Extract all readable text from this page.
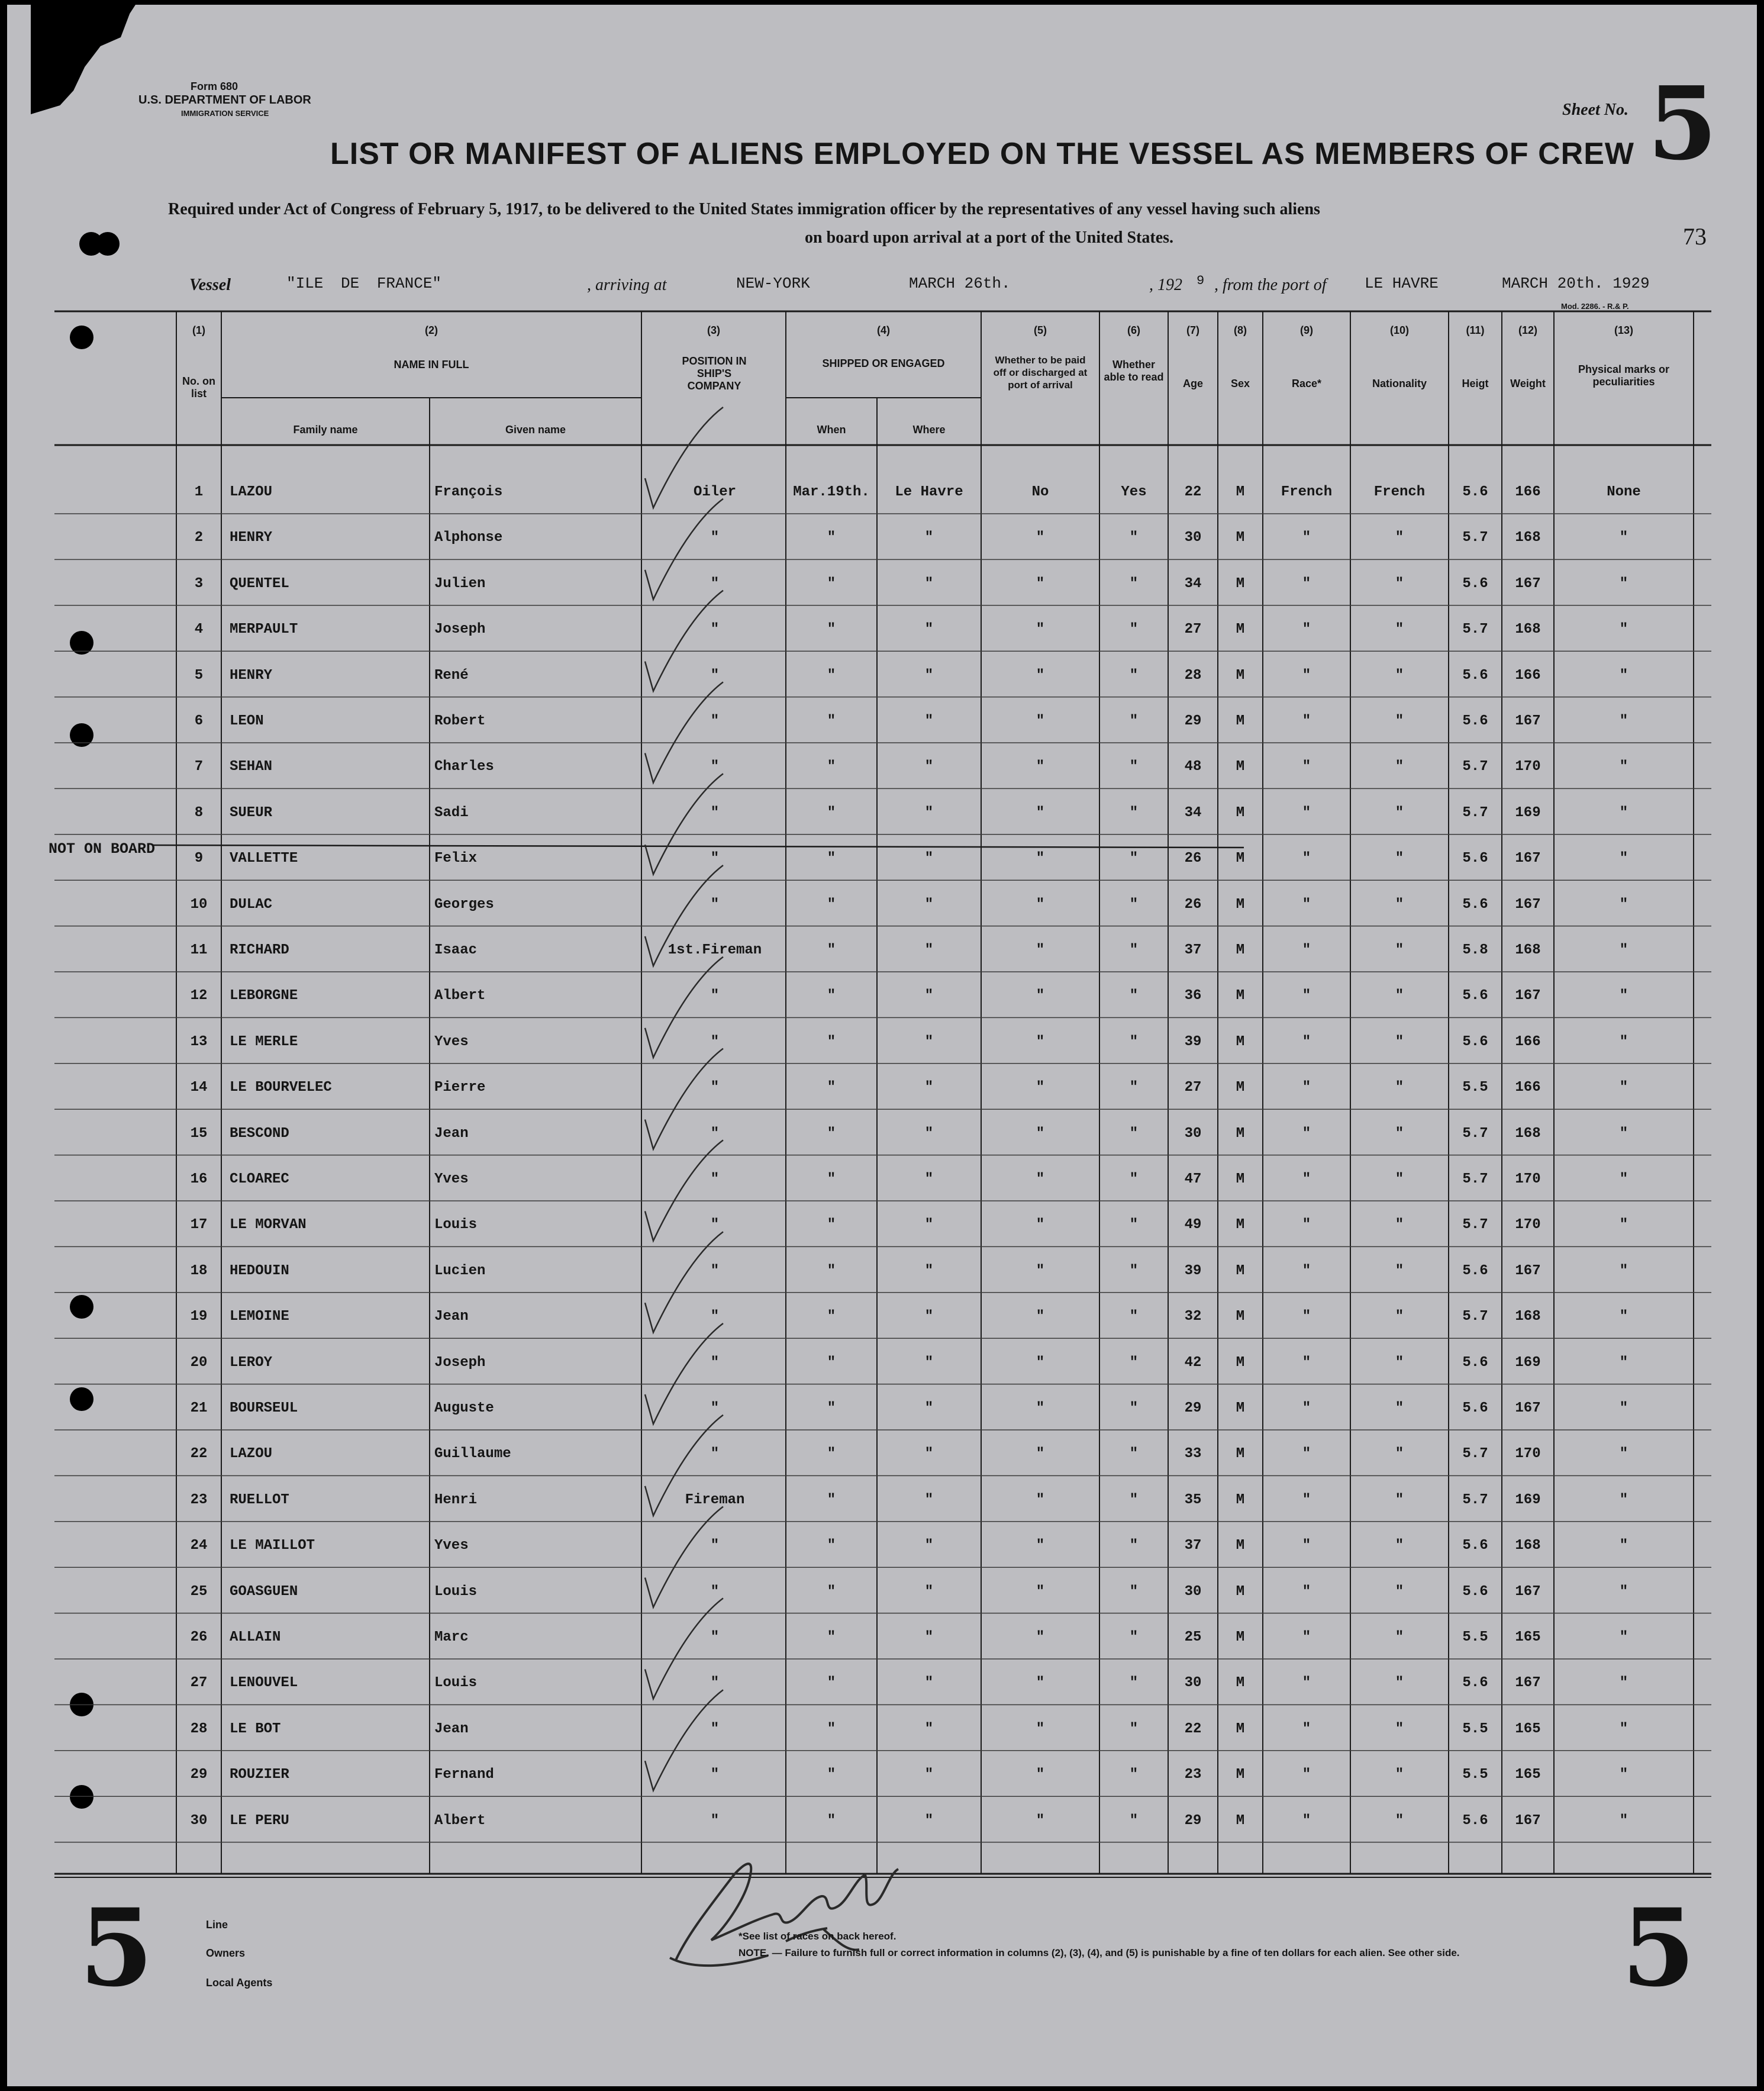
Form 680
U.S. DEPARTMENT OF LABOR
IMMIGRATION SERVICE	Sheet No. 5
LIST OR MANIFEST OF ALIENS EMPLOYED ON THE VESSEL AS MEMBERS OF CREW
Required under Act of Congress of February 5, 1917, to be delivered to the United States immigration officer by the representatives of any vessel having such aliens
on board upon arrival at a port of the United States.	73
Vessel	"ILE DE FRANCE"	, arriving at	NEW-YORK	MARCH 26th.	, 192 9 , from the port of LE HAVRE	MARCH 20th. 1929
Mod. 2286. - R.& P.
(1)
No. on list
(2)
NAME IN FULL
Family name	Given name
(3)
POSITION IN SHIP'S COMPANY
(4)
SHIPPED OR ENGAGED
When	Where
(5)
Whether to be paid off or discharged at port of arrival
(6)
Whether able to read
(7)
Age
(8)
Sex
(9)
Race*
(10)
Nationality
(11)
Heigt
(12)
Weight
(13)
Physical marks or peculiarities
NOT ON BOARD
1	LAZOU	François	Oiler	Mar.19th.	Le Havre	No	Yes	22	M	French	French	5.6	166	None
2	HENRY	Alphonse	"	"	"	"	"	30	M	"	"	5.7	168	"
3	QUENTEL	Julien	"	"	"	"	"	34	M	"	"	5.6	167	"
4	MERPAULT	Joseph	"	"	"	"	"	27	M	"	"	5.7	168	"
5	HENRY	René	"	"	"	"	"	28	M	"	"	5.6	166	"
6	LEON	Robert	"	"	"	"	"	29	M	"	"	5.6	167	"
7	SEHAN	Charles	"	"	"	"	"	48	M	"	"	5.7	170	"
8	SUEUR	Sadi	"	"	"	"	"	34	M	"	"	5.7	169	"
9	VALLETTE	Felix	"	"	"	"	"	26	M	"	"	5.6	167	"
10	DULAC	Georges	"	"	"	"	"	26	M	"	"	5.6	167	"
11	RICHARD	Isaac	1st.Fireman	"	"	"	"	37	M	"	"	5.8	168	"
12	LEBORGNE	Albert	"	"	"	"	"	36	M	"	"	5.6	167	"
13	LE MERLE	Yves	"	"	"	"	"	39	M	"	"	5.6	166	"
14	LE BOURVELEC	Pierre	"	"	"	"	"	27	M	"	"	5.5	166	"
15	BESCOND	Jean	"	"	"	"	"	30	M	"	"	5.7	168	"
16	CLOAREC	Yves	"	"	"	"	"	47	M	"	"	5.7	170	"
17	LE MORVAN	Louis	"	"	"	"	"	49	M	"	"	5.7	170	"
18	HEDOUIN	Lucien	"	"	"	"	"	39	M	"	"	5.6	167	"
19	LEMOINE	Jean	"	"	"	"	"	32	M	"	"	5.7	168	"
20	LEROY	Joseph	"	"	"	"	"	42	M	"	"	5.6	169	"
21	BOURSEUL	Auguste	"	"	"	"	"	29	M	"	"	5.6	167	"
22	LAZOU	Guillaume	"	"	"	"	"	33	M	"	"	5.7	170	"
23	RUELLOT	Henri	Fireman	"	"	"	"	35	M	"	"	5.7	169	"
24	LE MAILLOT	Yves	"	"	"	"	"	37	M	"	"	5.6	168	"
25	GOASGUEN	Louis	"	"	"	"	"	30	M	"	"	5.6	167	"
26	ALLAIN	Marc	"	"	"	"	"	25	M	"	"	5.5	165	"
27	LENOUVEL	Louis	"	"	"	"	"	30	M	"	"	5.6	167	"
28	LE BOT	Jean	"	"	"	"	"	22	M	"	"	5.5	165	"
29	ROUZIER	Fernand	"	"	"	"	"	23	M	"	"	5.5	165	"
30	LE PERU	Albert	"	"	"	"	"	29	M	"	"	5.6	167	"
5	5
Line
Owners
Local Agents
*See list of races on back hereof.
NOTE. — Failure to furnish full or correct information in columns (2), (3), (4), and (5) is punishable by a fine of ten dollars for each alien. See other side.
